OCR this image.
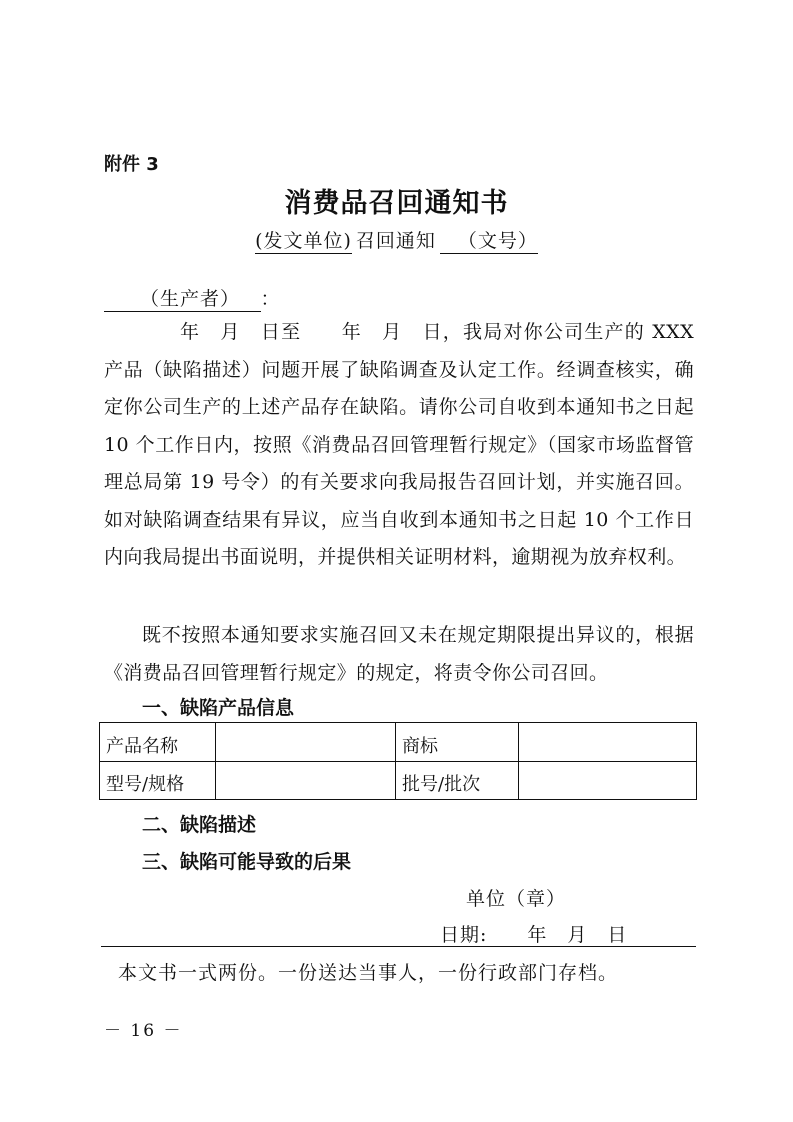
附件 3
消费品召回通知书
(发文单位) 召回通知 （文号）
（生产者） ：

年　月　日至　　年　月　日，我局对你公司生产的 XXX 产品（缺陷描述）问题开展了缺陷调查及认定工作。经调查核实，确定你公司生产的上述产品存在缺陷。请你公司自收到本通知书之日起 10 个工作日内，按照《消费品召回管理暂行规定》（国家市场监督管理总局第 19 号令）的有关要求向我局报告召回计划，并实施召回。如对缺陷调查结果有异议，应当自收到本通知书之日起 10 个工作日内向我局提出书面说明，并提供相关证明材料，逾期视为放弃权利。

既不按照本通知要求实施召回又未在规定期限提出异议的，根据《消费品召回管理暂行规定》的规定，将责令你公司召回。

一、缺陷产品信息
产品名称		商标	
型号/规格		批号/批次	
二、缺陷描述
三、缺陷可能导致的后果
单位（章）
日期:　　年　月　日
本文书一式两份。一份送达当事人，一份行政部门存档。
－ 16 －
